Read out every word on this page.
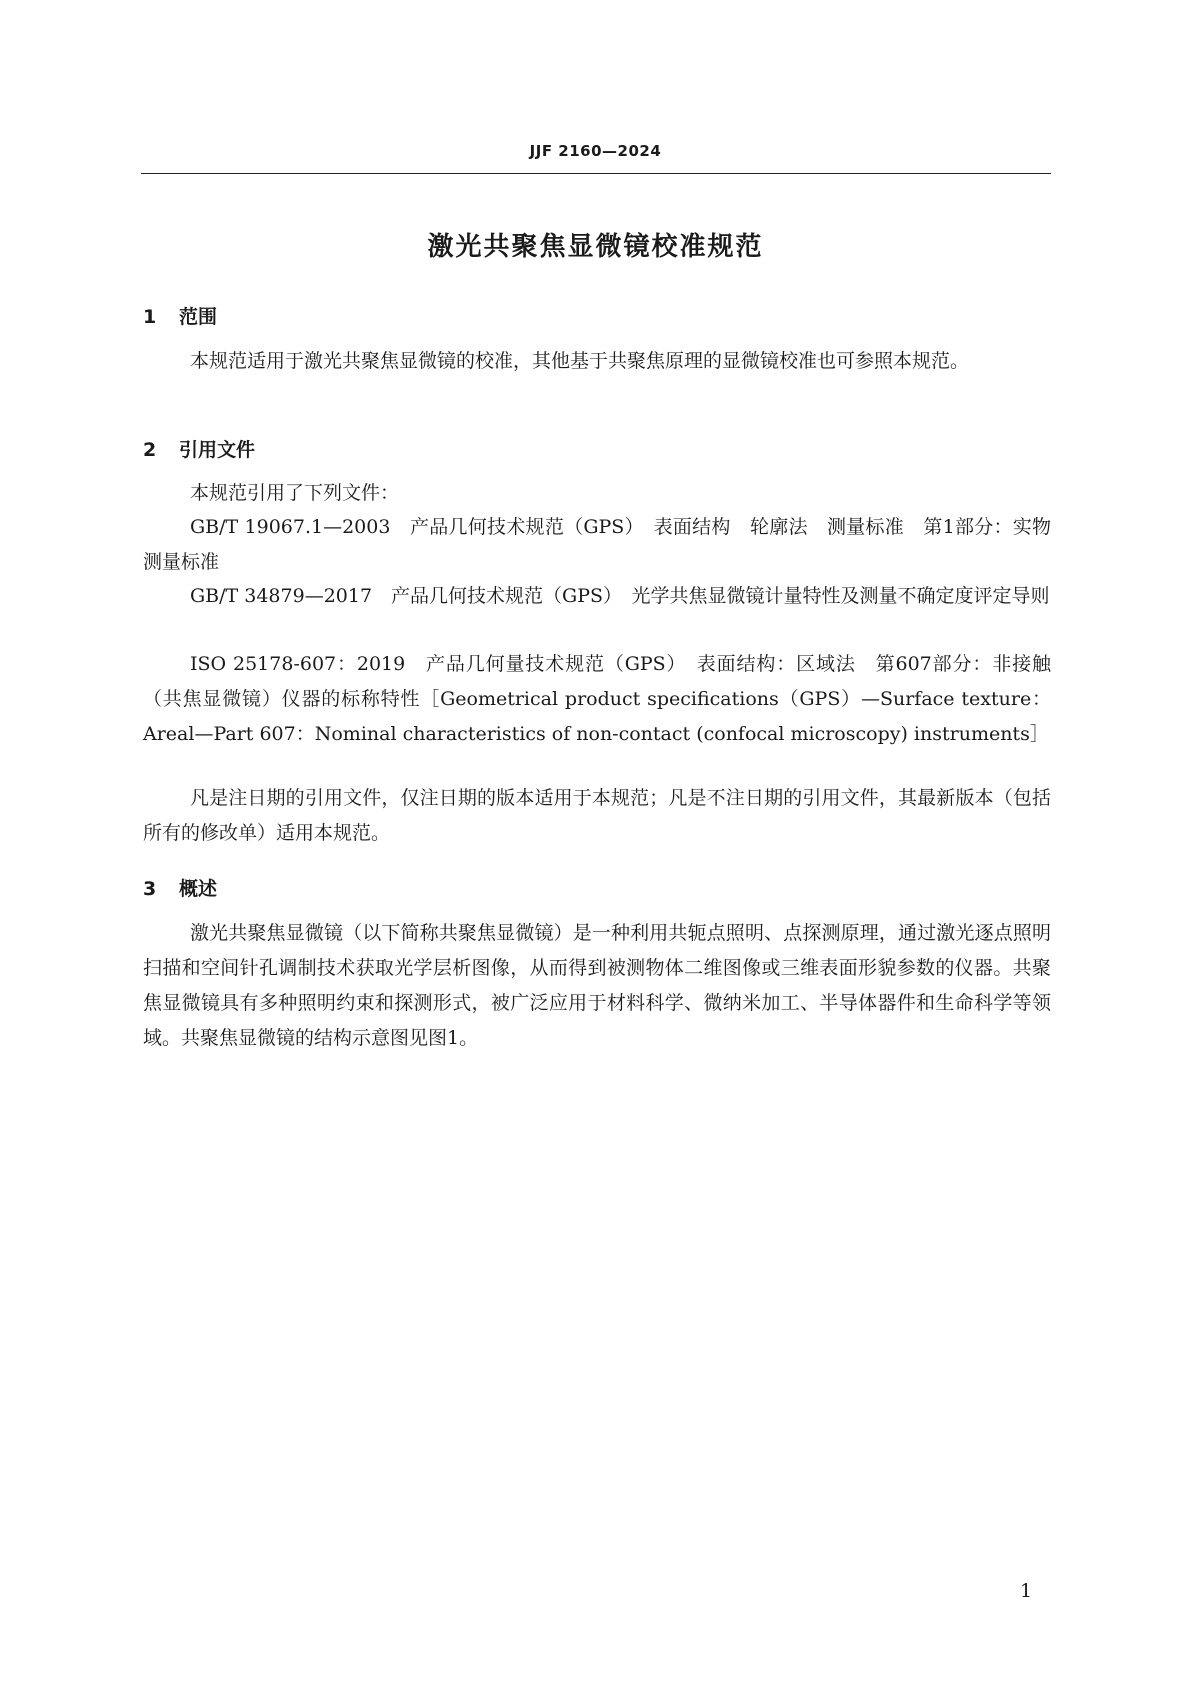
JJF 2160—2024
激光共聚焦显微镜校准规范
1 范围
本规范适用于激光共聚焦显微镜的校准，其他基于共聚焦原理的显微镜校准也可参照本规范。
2 引用文件
本规范引用了下列文件：
GB/T 19067.1—2003　产品几何技术规范（GPS）　表面结构　轮廓法　测量标准　第1部分：实物测量标准
GB/T 34879—2017　产品几何技术规范（GPS）　光学共焦显微镜计量特性及测量不确定度评定导则
ISO 25178-607：2019　产品几何量技术规范（GPS）　表面结构：区域法　第607部分：非接触（共焦显微镜）仪器的标称特性［Geometrical product specifications（GPS）—Surface texture：Areal—Part 607：Nominal characteristics of non-contact (confocal microscopy) instruments］
凡是注日期的引用文件，仅注日期的版本适用于本规范；凡是不注日期的引用文件，其最新版本（包括所有的修改单）适用本规范。
3 概述
激光共聚焦显微镜（以下简称共聚焦显微镜）是一种利用共轭点照明、点探测原理，通过激光逐点照明扫描和空间针孔调制技术获取光学层析图像，从而得到被测物体二维图像或三维表面形貌参数的仪器。共聚焦显微镜具有多种照明约束和探测形式，被广泛应用于材料科学、微纳米加工、半导体器件和生命科学等领域。共聚焦显微镜的结构示意图见图1。
1
